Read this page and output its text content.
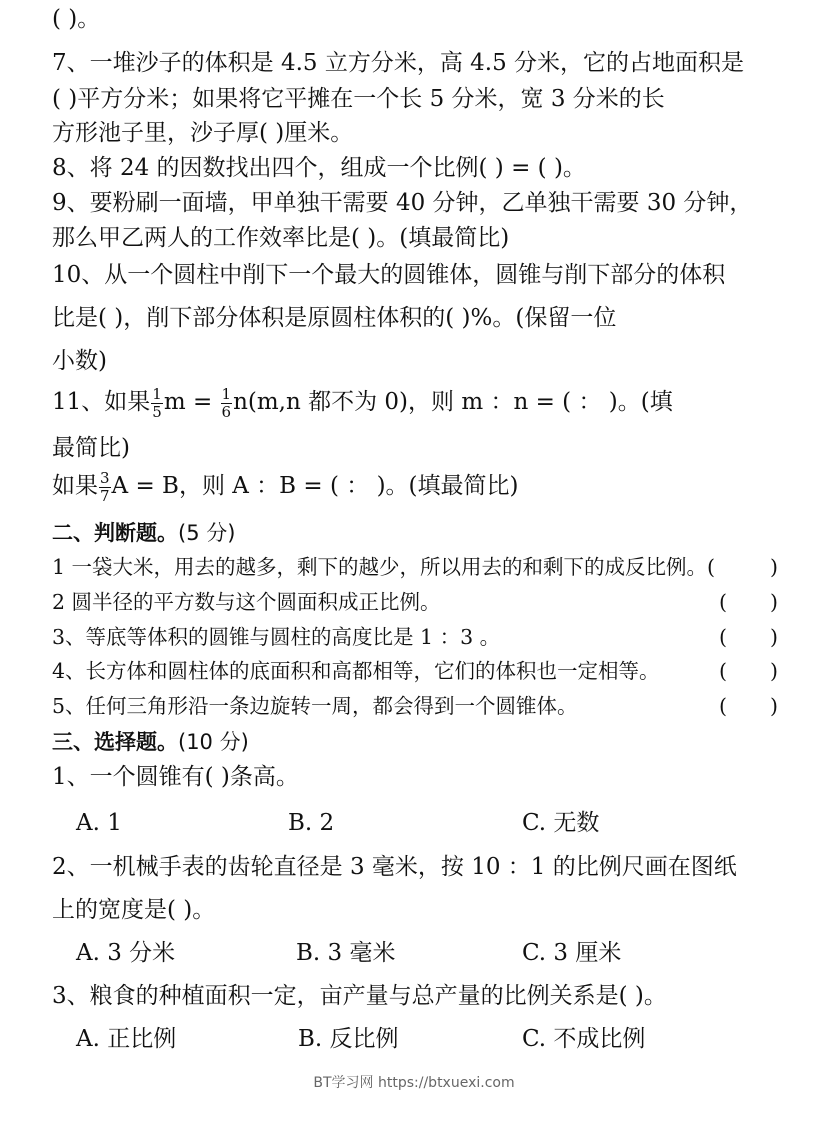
( )。
7、一堆沙子的体积是 4.5 立方分米，高 4.5 分米，它的占地面积是
( )平方分米；如果将它平摊在一个长 5 分米，宽 3 分米的长
方形池子里，沙子厚( )厘米。
8、将 24 的因数找出四个，组成一个比例( ) = ( )。
9、要粉刷一面墙，甲单独干需要 40 分钟，乙单独干需要 30 分钟，
那么甲乙两人的工作效率比是( )。(填最简比)
10、从一个圆柱中削下一个最大的圆锥体，圆锥与削下部分的体积
比是( )，削下部分体积是原圆柱体积的( )%。(保留一位
小数)
11、如果 $\frac{1}{5}$ $m = \frac{1}{6} n(m,n$ 都不为 0)，则 m ：n = ( ： )。(填
最简比)
如果 $\frac{3}{7}$ A = B，则 A ：B = ( ： )。(填最简比)
二、判断题。(5 分)
1 一袋大米，用去的越多，剩下的越少，所以用去的和剩下的成反比例。(	)
2 圆半径的平方数与这个圆面积成正比例。	( )
3、等底等体积的圆锥与圆柱的高度比是 1 ：3 。	( )
4、长方体和圆柱体的底面积和高都相等，它们的体积也一定相等。	( )
5、任何三角形沿一条边旋转一周，都会得到一个圆锥体。	( )
三、选择题。(10 分)
1、一个圆锥有( )条高。
A. 1	B. 2	C. 无数
2、一机械手表的齿轮直径是 3 毫米，按 10 ：1 的比例尺画在图纸
上的宽度是( )。
A. 3 分米	B. 3 毫米	C. 3 厘米
3、粮食的种植面积一定，亩产量与总产量的比例关系是( )。
A. 正比例	B. 反比例	C. 不成比例
BT学习网 https://btxuexi.com
